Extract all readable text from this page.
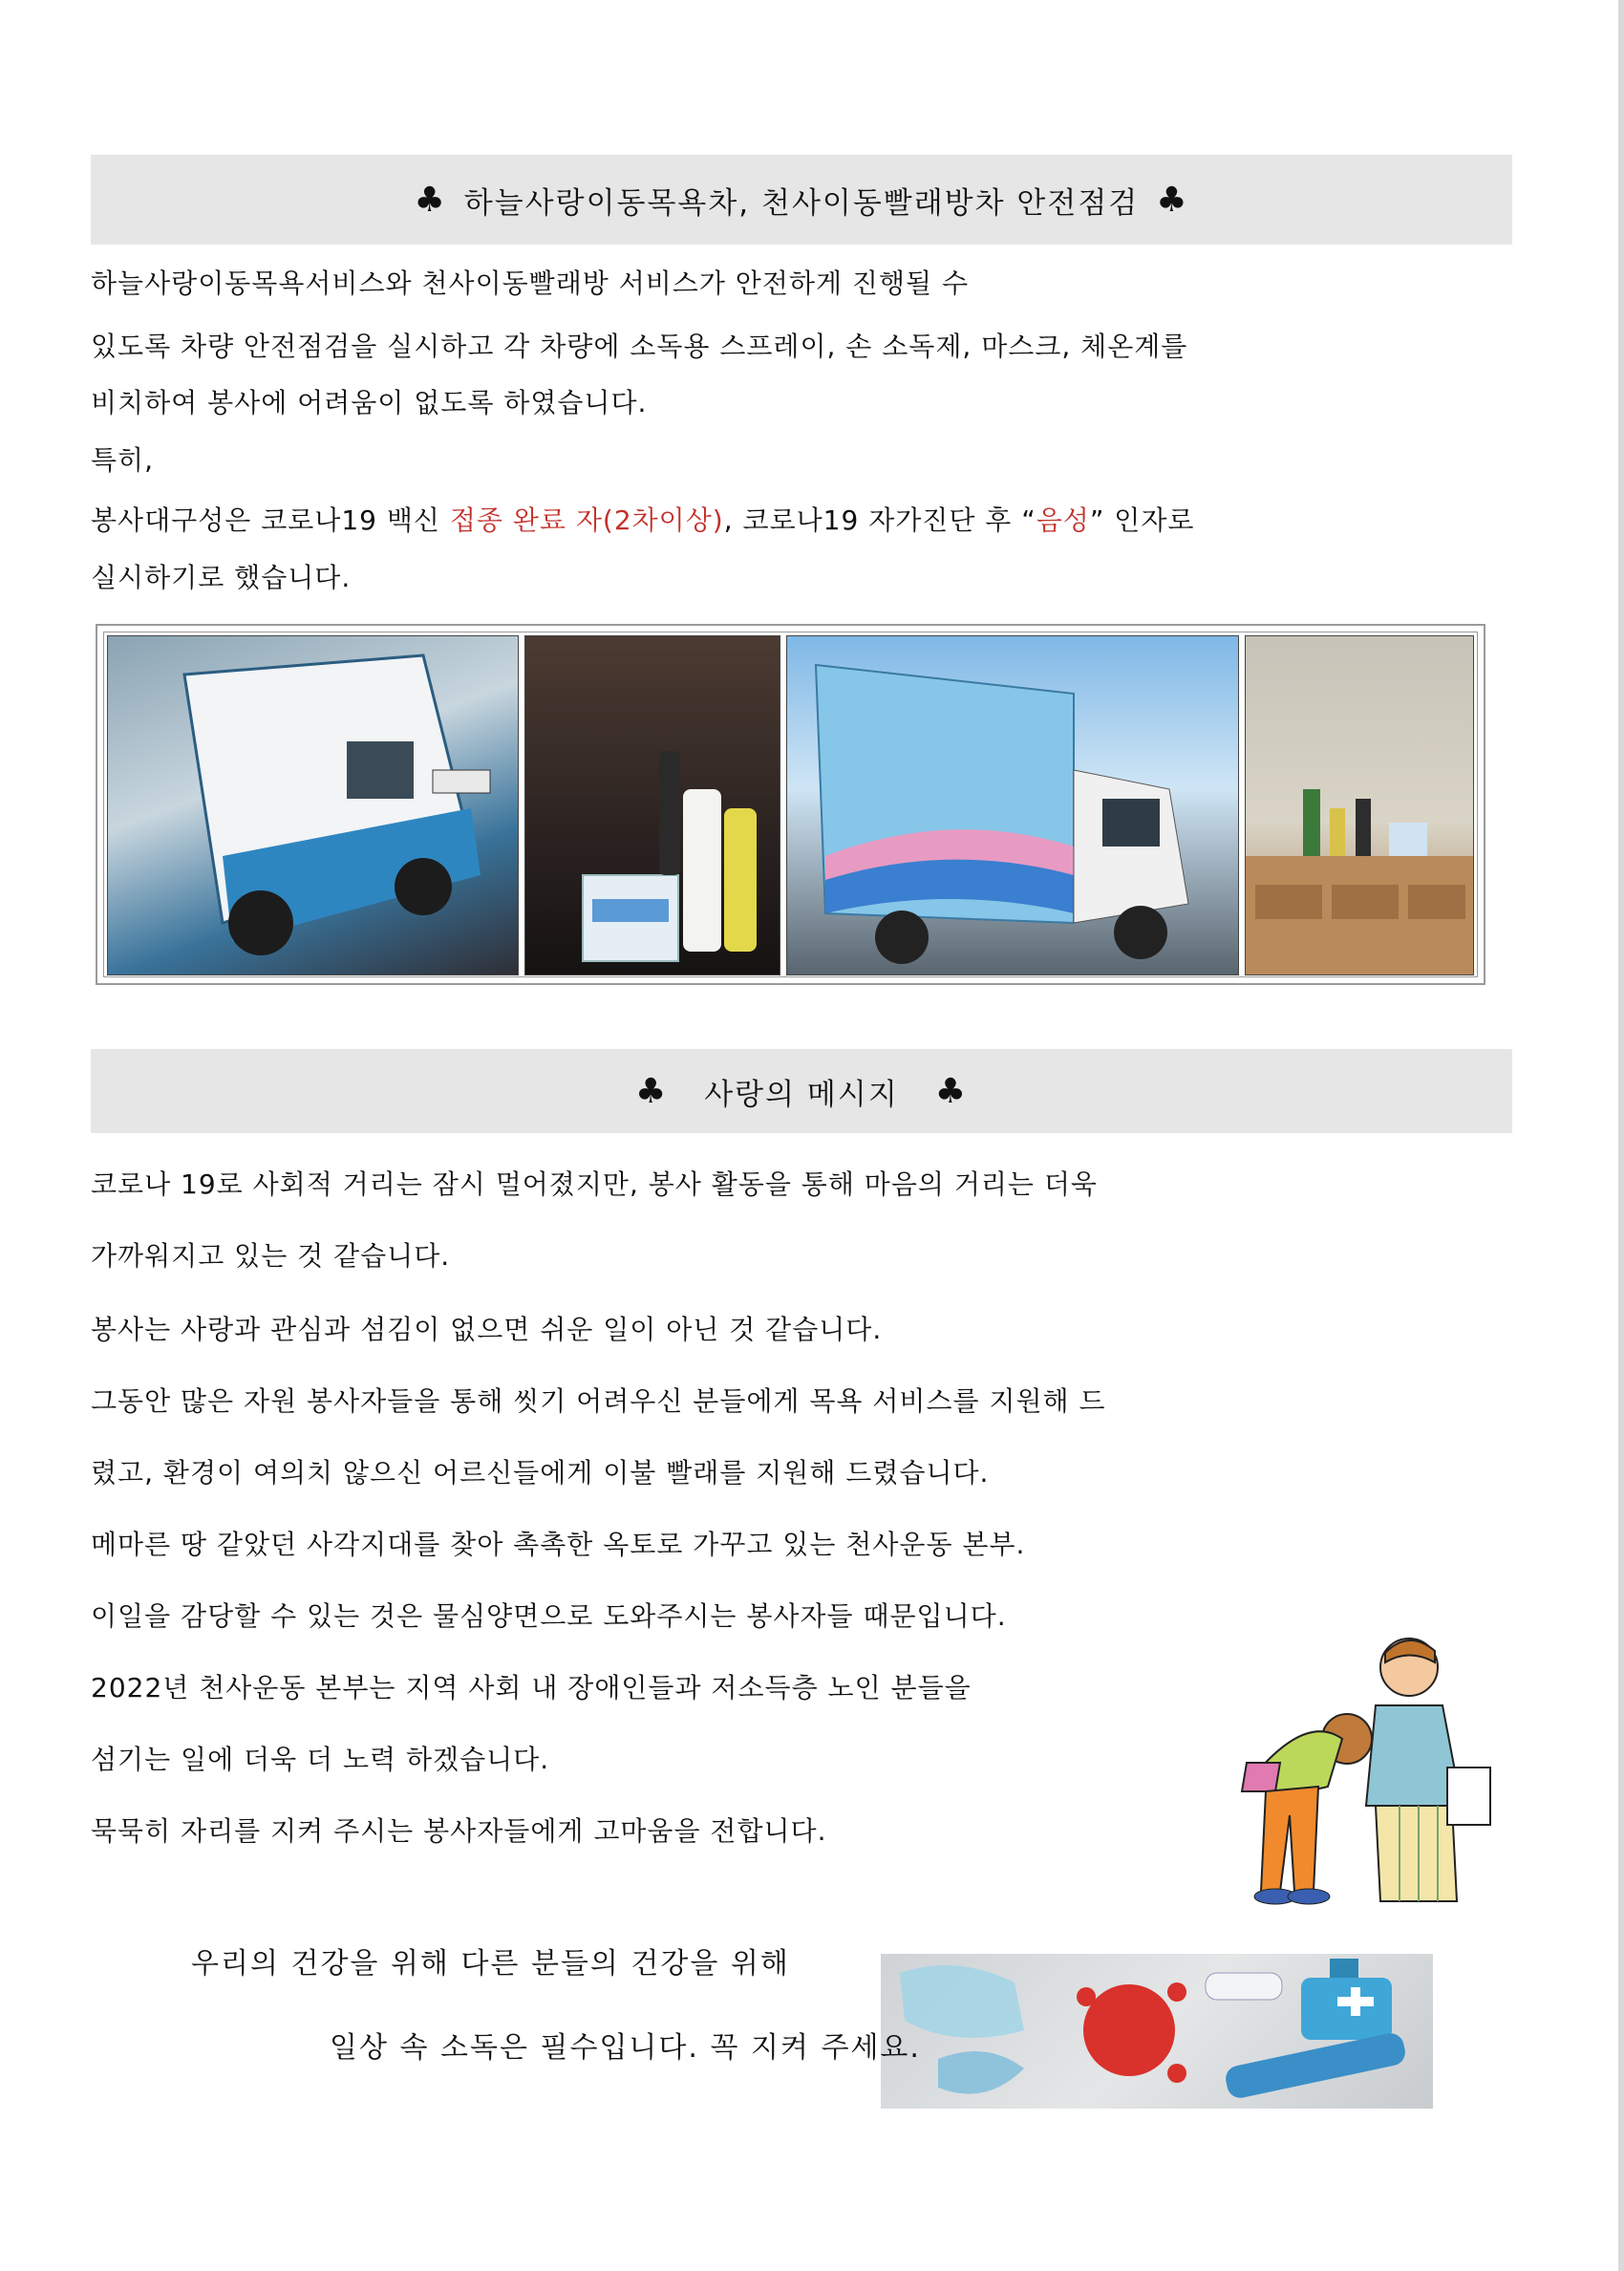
♣ 하늘사랑이동목욕차, 천사이동빨래방차 안전점검 ♣
하늘사랑이동목욕서비스와 천사이동빨래방 서비스가 안전하게 진행될 수
있도록 차량 안전점검을 실시하고 각 차량에 소독용 스프레이, 손 소독제, 마스크, 체온계를
비치하여 봉사에 어려움이 없도록 하였습니다.
특히,
봉사대구성은 코로나19 백신 접종 완료 자(2차이상), 코로나19 자가진단 후 “음성” 인자로
실시하기로 했습니다.
♣ 사랑의 메시지 ♣
코로나 19로 사회적 거리는 잠시 멀어졌지만, 봉사 활동을 통해 마음의 거리는 더욱
가까워지고 있는 것 같습니다.
봉사는 사랑과 관심과 섬김이 없으면 쉬운 일이 아닌 것 같습니다.
그동안 많은 자원 봉사자들을 통해 씻기 어려우신 분들에게 목욕 서비스를 지원해 드
렸고, 환경이 여의치 않으신 어르신들에게 이불 빨래를 지원해 드렸습니다.
메마른 땅 같았던 사각지대를 찾아 촉촉한 옥토로 가꾸고 있는 천사운동 본부.
이일을 감당할 수 있는 것은 물심양면으로 도와주시는 봉사자들 때문입니다.
2022년 천사운동 본부는 지역 사회 내 장애인들과 저소득층 노인 분들을
섬기는 일에 더욱 더 노력 하겠습니다.
묵묵히 자리를 지켜 주시는 봉사자들에게 고마움을 전합니다.
우리의 건강을 위해 다른 분들의 건강을 위해
일상 속 소독은 필수입니다. 꼭 지켜 주세요.
